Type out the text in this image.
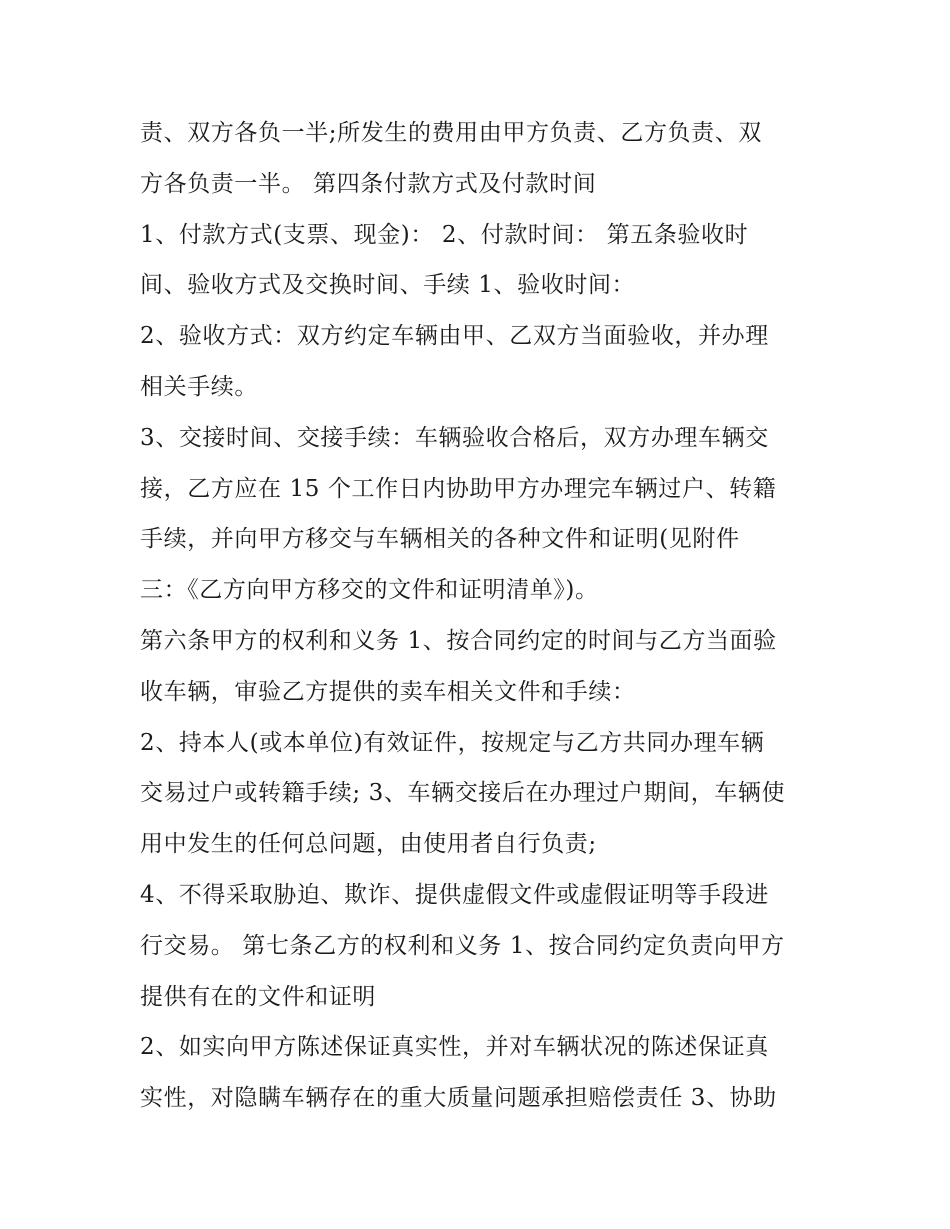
责、双方各负一半;所发生的费用由甲方负责、乙方负责、双
方各负责一半。 第四条付款方式及付款时间
1、付款方式(支票、现金)： 2、付款时间： 第五条验收时
间、验收方式及交换时间、手续 1、验收时间：
2、验收方式：双方约定车辆由甲、乙双方当面验收，并办理
相关手续。
3、交接时间、交接手续：车辆验收合格后，双方办理车辆交
接，乙方应在 15 个工作日内协助甲方办理完车辆过户、转籍
手续，并向甲方移交与车辆相关的各种文件和证明(见附件
三：《乙方向甲方移交的文件和证明清单》)。
第六条甲方的权利和义务 1、按合同约定的时间与乙方当面验
收车辆，审验乙方提供的卖车相关文件和手续：
2、持本人(或本单位)有效证件，按规定与乙方共同办理车辆
交易过户或转籍手续; 3、车辆交接后在办理过户期间，车辆使
用中发生的任何总问题，由使用者自行负责;
4、不得采取胁迫、欺诈、提供虚假文件或虚假证明等手段进
行交易。 第七条乙方的权利和义务 1、按合同约定负责向甲方
提供有在的文件和证明
2、如实向甲方陈述保证真实性，并对车辆状况的陈述保证真
实性，对隐瞒车辆存在的重大质量问题承担赔偿责任 3、协助
